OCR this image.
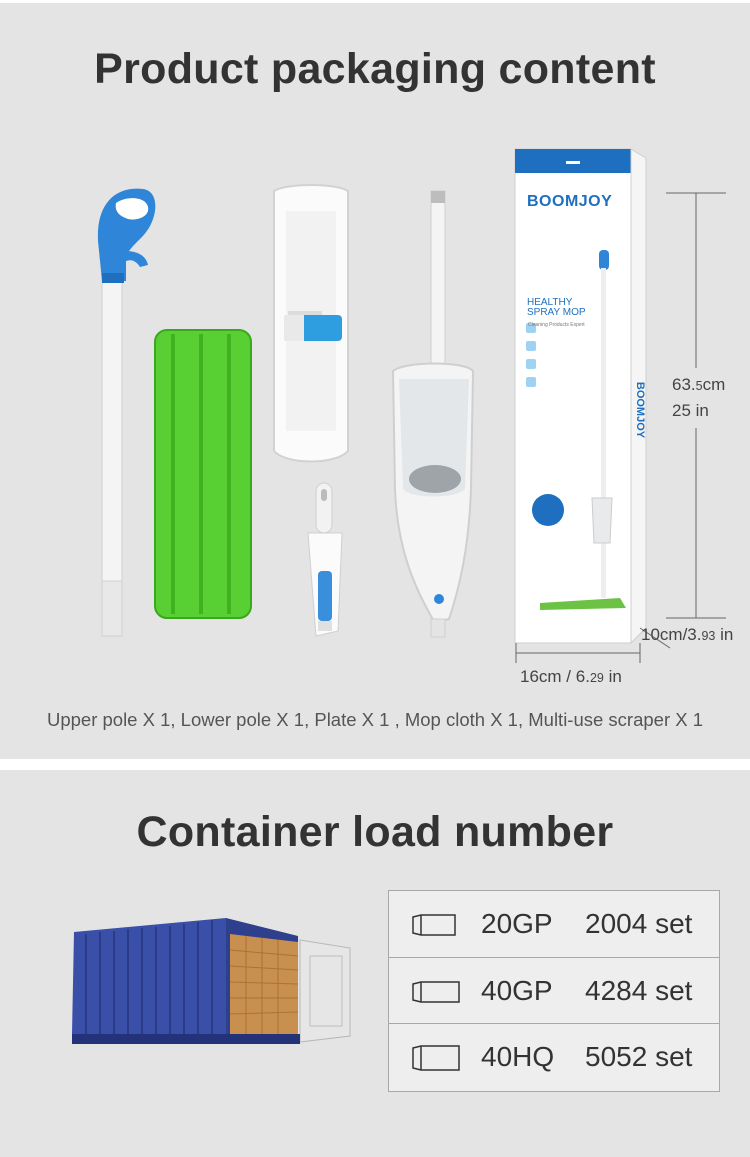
Product packaging content
BOOMJOY
HEALTHY
SPRAY MOP
Cleaning Products Expert
BOOMJOY 63.5cm
25 in
10cm/3.93 in
16cm / 6.29 in
Upper pole X 1, Lower pole X 1, Plate X 1 , Mop cloth X 1, Multi-use scraper X 1
Container load number
20GP 2004 set
40GP 4284 set
40HQ 5052 set
